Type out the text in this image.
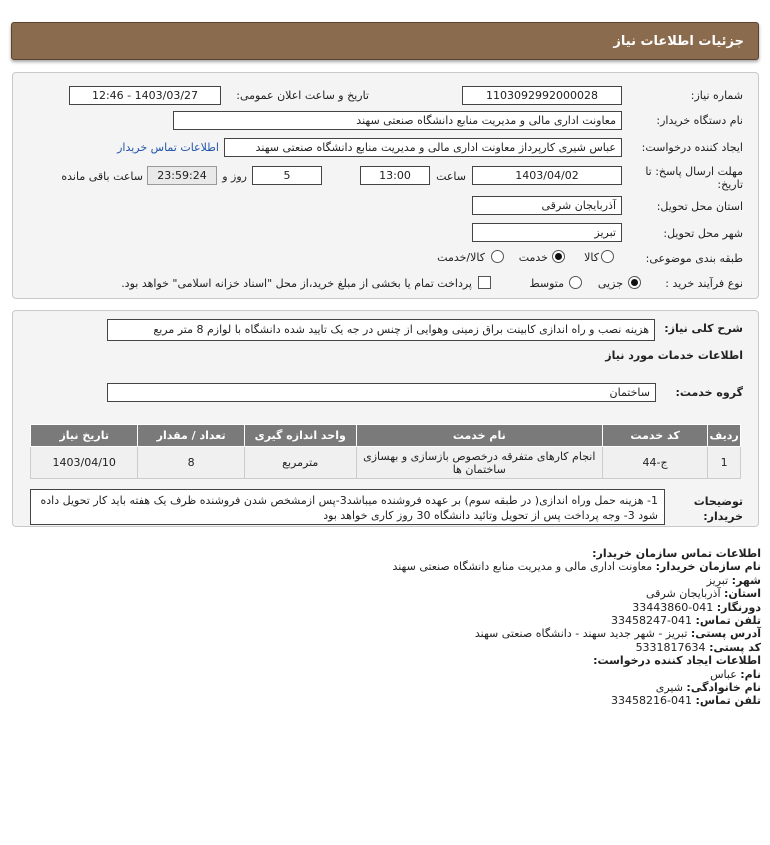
جزئیات اطلاعات نیاز
شماره نیاز:
1103092992000028
تاریخ و ساعت اعلان عمومی:
1403/03/27 - 12:46
نام دستگاه خریدار:
معاونت اداری مالی و مدیریت منابع دانشگاه صنعتی سهند
ایجاد کننده درخواست:
عباس شیری کارپرداز معاونت اداری مالی و مدیریت منابع دانشگاه صنعتی سهند
اطلاعات تماس خریدار
مهلت ارسال پاسخ: تا تاریخ:
1403/04/02
ساعت
13:00
5
روز و
23:59:24
ساعت باقی مانده
استان محل تحویل:
آذربایجان شرقی
شهر محل تحویل:
تبریز
طبقه بندی موضوعی:
کالا
خدمت
کالا/خدمت
نوع فرآیند خرید :
جزیی
متوسط
پرداخت تمام یا بخشی از مبلغ خرید،از محل "اسناد خزانه اسلامی" خواهد بود.
شرح کلی نیاز:
هزینه نصب و راه اندازی کابینت براق زمینی وهوایی از چنس در جه یک تایید شده دانشگاه با لوازم 8 متر مربع
اطلاعات خدمات مورد نیاز
گروه خدمت:
ساختمان
ردیف	کد خدمت	نام خدمت	واحد اندازه گیری	تعداد / مقدار	تاریخ نیاز
1	ج-44	انجام کارهای متفرقه درخصوص بازسازی و بهسازی ساختمان ها	مترمربع	8	1403/04/10
توضیحات خریدار:
1- هزینه حمل وراه اندازی( در طبقه سوم) بر عهده فروشنده میباشد3-پس ازمشخص شدن فروشنده ظرف یک هفته باید کار تحویل داده شود 3- وجه پرداخت پس از تحویل وتائید دانشگاه 30 روز کاری خواهد بود
اطلاعات تماس سازمان خریدار:
نام سازمان خریدار: معاونت اداری مالی و مدیریت منابع دانشگاه صنعتی سهند
شهر: تبریز
استان: آذربایجان شرقی
دورنگار: 041-33443860
تلفن تماس: 041-33458247
آدرس پستی: تبریز - شهر جدید سهند - دانشگاه صنعتی سهند
کد پستی: 5331817634
اطلاعات ایجاد کننده درخواست:
نام: عباس
نام خانوادگی: شیری
تلفن تماس: 041-33458216
